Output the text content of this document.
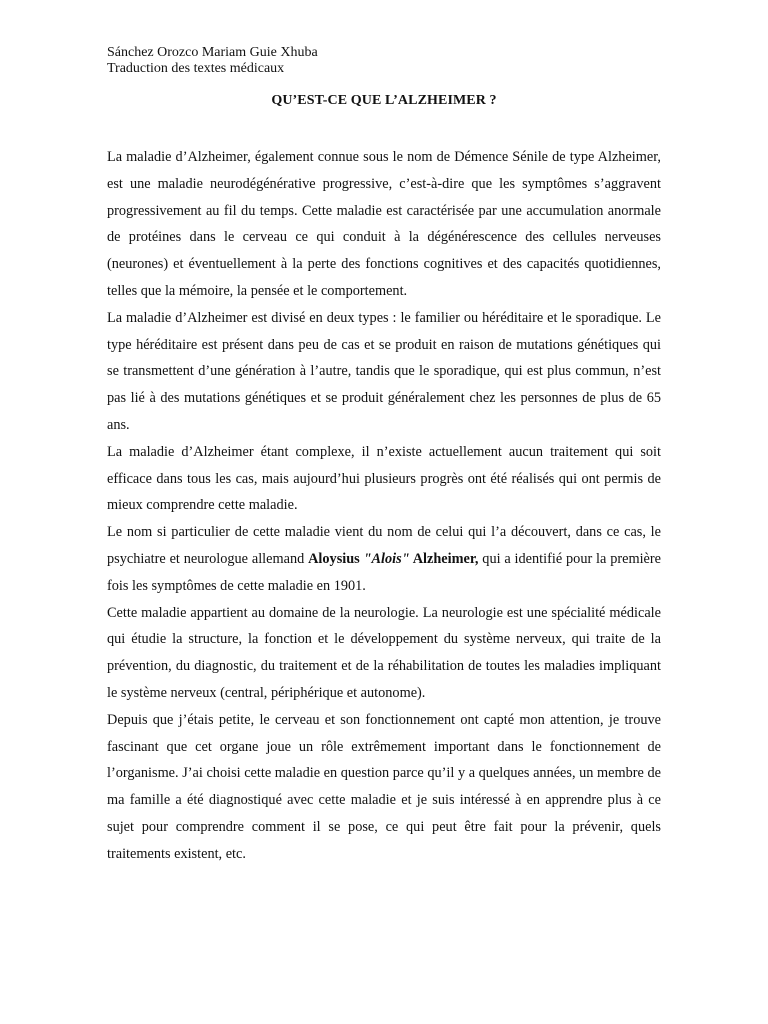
Sánchez Orozco Mariam Guie Xhuba
Traduction des textes médicaux
QU’EST-CE QUE L’ALZHEIMER ?

La maladie d’Alzheimer, également connue sous le nom de Démence Sénile de type Alzheimer, est une maladie neurodégénérative progressive, c’est-à-dire que les symptômes s’aggravent progressivement au fil du temps. Cette maladie est caractérisée par une accumulation anormale de protéines dans le cerveau ce qui conduit à la dégénérescence des cellules nerveuses (neurones) et éventuellement à la perte des fonctions cognitives et des capacités quotidiennes, telles que la mémoire, la pensée et le comportement.

La maladie d’Alzheimer est divisé en deux types : le familier ou héréditaire et le sporadique. Le type héréditaire est présent dans peu de cas et se produit en raison de mutations génétiques qui se transmettent d’une génération à l’autre, tandis que le sporadique, qui est plus commun, n’est pas lié à des mutations génétiques et se produit généralement chez les personnes de plus de 65 ans.

La maladie d’Alzheimer étant complexe, il n’existe actuellement aucun traitement qui soit efficace dans tous les cas, mais aujourd’hui plusieurs progrès ont été réalisés qui ont permis de mieux comprendre cette maladie.

Le nom si particulier de cette maladie vient du nom de celui qui l’a découvert, dans ce cas, le psychiatre et neurologue allemand Aloysius "Alois" Alzheimer, qui a identifié pour la première fois les symptômes de cette maladie en 1901.

Cette maladie appartient au domaine de la neurologie. La neurologie est une spécialité médicale qui étudie la structure, la fonction et le développement du système nerveux, qui traite de la prévention, du diagnostic, du traitement et de la réhabilitation de toutes les maladies impliquant le système nerveux (central, périphérique et autonome).

Depuis que j’étais petite, le cerveau et son fonctionnement ont capté mon attention, je trouve fascinant que cet organe joue un rôle extrêmement important dans le fonctionnement de l’organisme. J’ai choisi cette maladie en question parce qu’il y a quelques années, un membre de ma famille a été diagnostiqué avec cette maladie et je suis intéressé à en apprendre plus à ce sujet pour comprendre comment il se pose, ce qui peut être fait pour la prévenir, quels traitements existent, etc.
